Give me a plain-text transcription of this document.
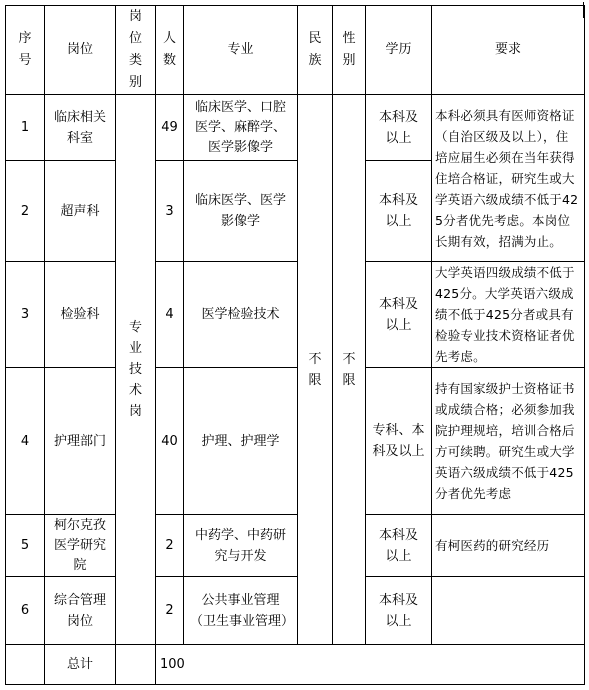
序号	岗位	岗位类别	人数	专业	民族	性别	学历	要求
1	临床相关科室	专业技术岗	49	临床医学、口腔医学、麻醉学、医学影像学	不限	不限	本科及以上	本科必须具有医师资格证（自治区级及以上），住培应届生必须在当年获得住培合格证，研究生或大学英语六级成绩不低于425分者优先考虑。本岗位长期有效，招满为止。
2	超声科		3	临床医学、医学影像学			本科及以上	
3	检验科		4	医学检验技术			本科及以上	大学英语四级成绩不低于425分。大学英语六级成绩不低于425分者或具有检验专业技术资格证者优先考虑。
4	护理部门		40	护理、护理学			专科、本科及以上	持有国家级护士资格证书或成绩合格；必须参加我院护理规培，培训合格后方可续聘。研究生或大学英语六级成绩不低于425分者优先考虑
5	柯尔克孜医学研究院		2	中药学、中药研究与开发			本科及以上	有柯医药的研究经历
6	综合管理岗位		2	公共事业管理（卫生事业管理）			本科及以上	
	总计		100					
